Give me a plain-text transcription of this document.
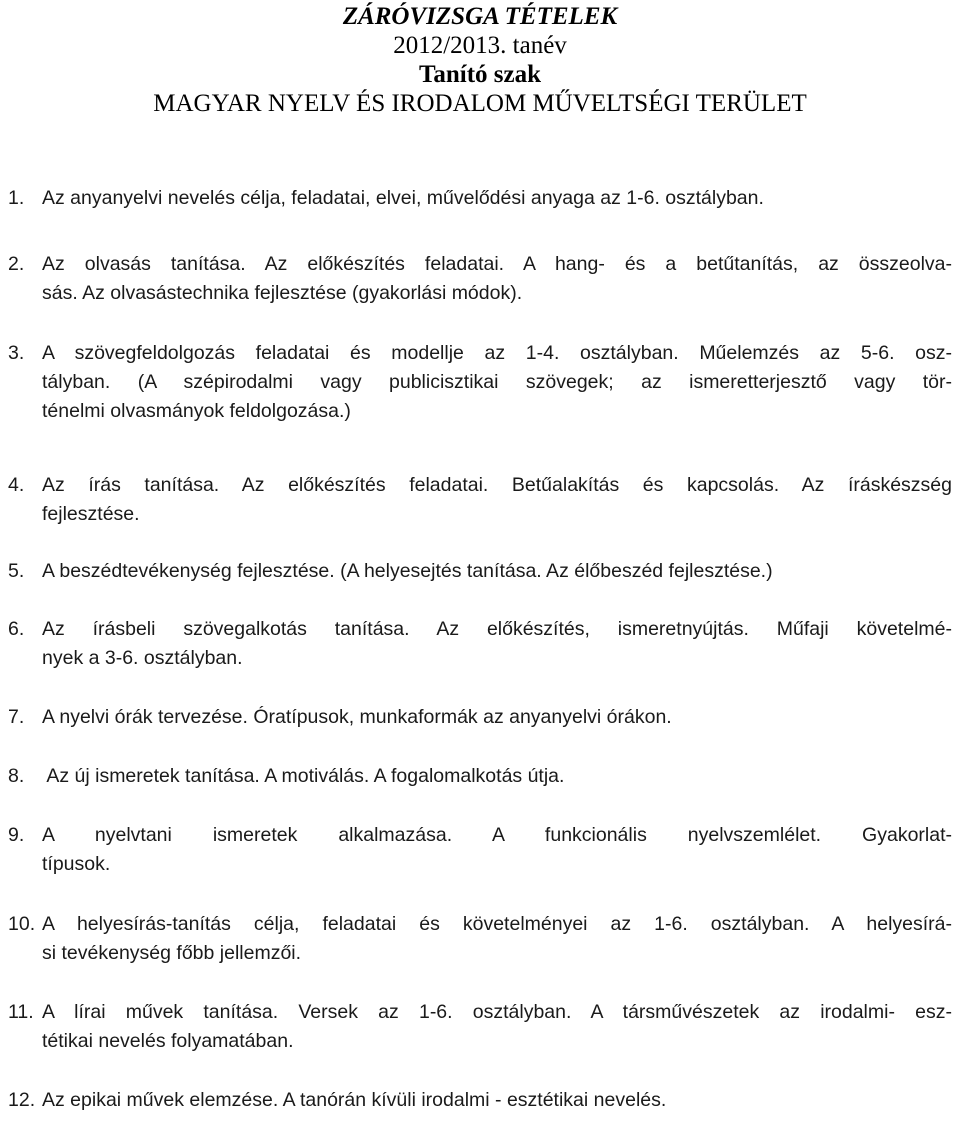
ZÁRÓVIZSGA TÉTELEK
2012/2013. tanév
Tanító szak
MAGYAR NYELV ÉS IRODALOM MŰVELTSÉGI TERÜLET
1. Az anyanyelvi nevelés célja, feladatai, elvei, művelődési anyaga az 1-6. osztályban.
2. Az olvasás tanítása. Az előkészítés feladatai. A hang- és a betűtanítás, az összeolva-
sás. Az olvasástechnika fejlesztése (gyakorlási módok).
3. A szövegfeldolgozás feladatai és modellje az 1-4. osztályban. Műelemzés az 5-6. osz-
tályban. (A szépirodalmi vagy publicisztikai szövegek; az ismeretterjesztő vagy tör-
ténelmi olvasmányok feldolgozása.)
4. Az írás tanítása. Az előkészítés feladatai. Betűalakítás és kapcsolás. Az íráskészség
fejlesztése.
5. A beszédtevékenység fejlesztése. (A helyesejtés tanítása. Az élőbeszéd fejlesztése.)
6. Az írásbeli szövegalkotás tanítása. Az előkészítés, ismeretnyújtás. Műfaji követelmé-
nyek a 3-6. osztályban.
7. A nyelvi órák tervezése. Óratípusok, munkaformák az anyanyelvi órákon.
8. Az új ismeretek tanítása. A motiválás. A fogalomalkotás útja.
9. A nyelvtani ismeretek alkalmazása. A funkcionális nyelvszemlélet. Gyakorlat-
típusok.
10. A helyesírás-tanítás célja, feladatai és követelményei az 1-6. osztályban. A helyesírá-
si tevékenység főbb jellemzői.
11. A lírai művek tanítása. Versek az 1-6. osztályban. A társművészetek az irodalmi- esz-
tétikai nevelés folyamatában.
12. Az epikai művek elemzése. A tanórán kívüli irodalmi - esztétikai nevelés.
